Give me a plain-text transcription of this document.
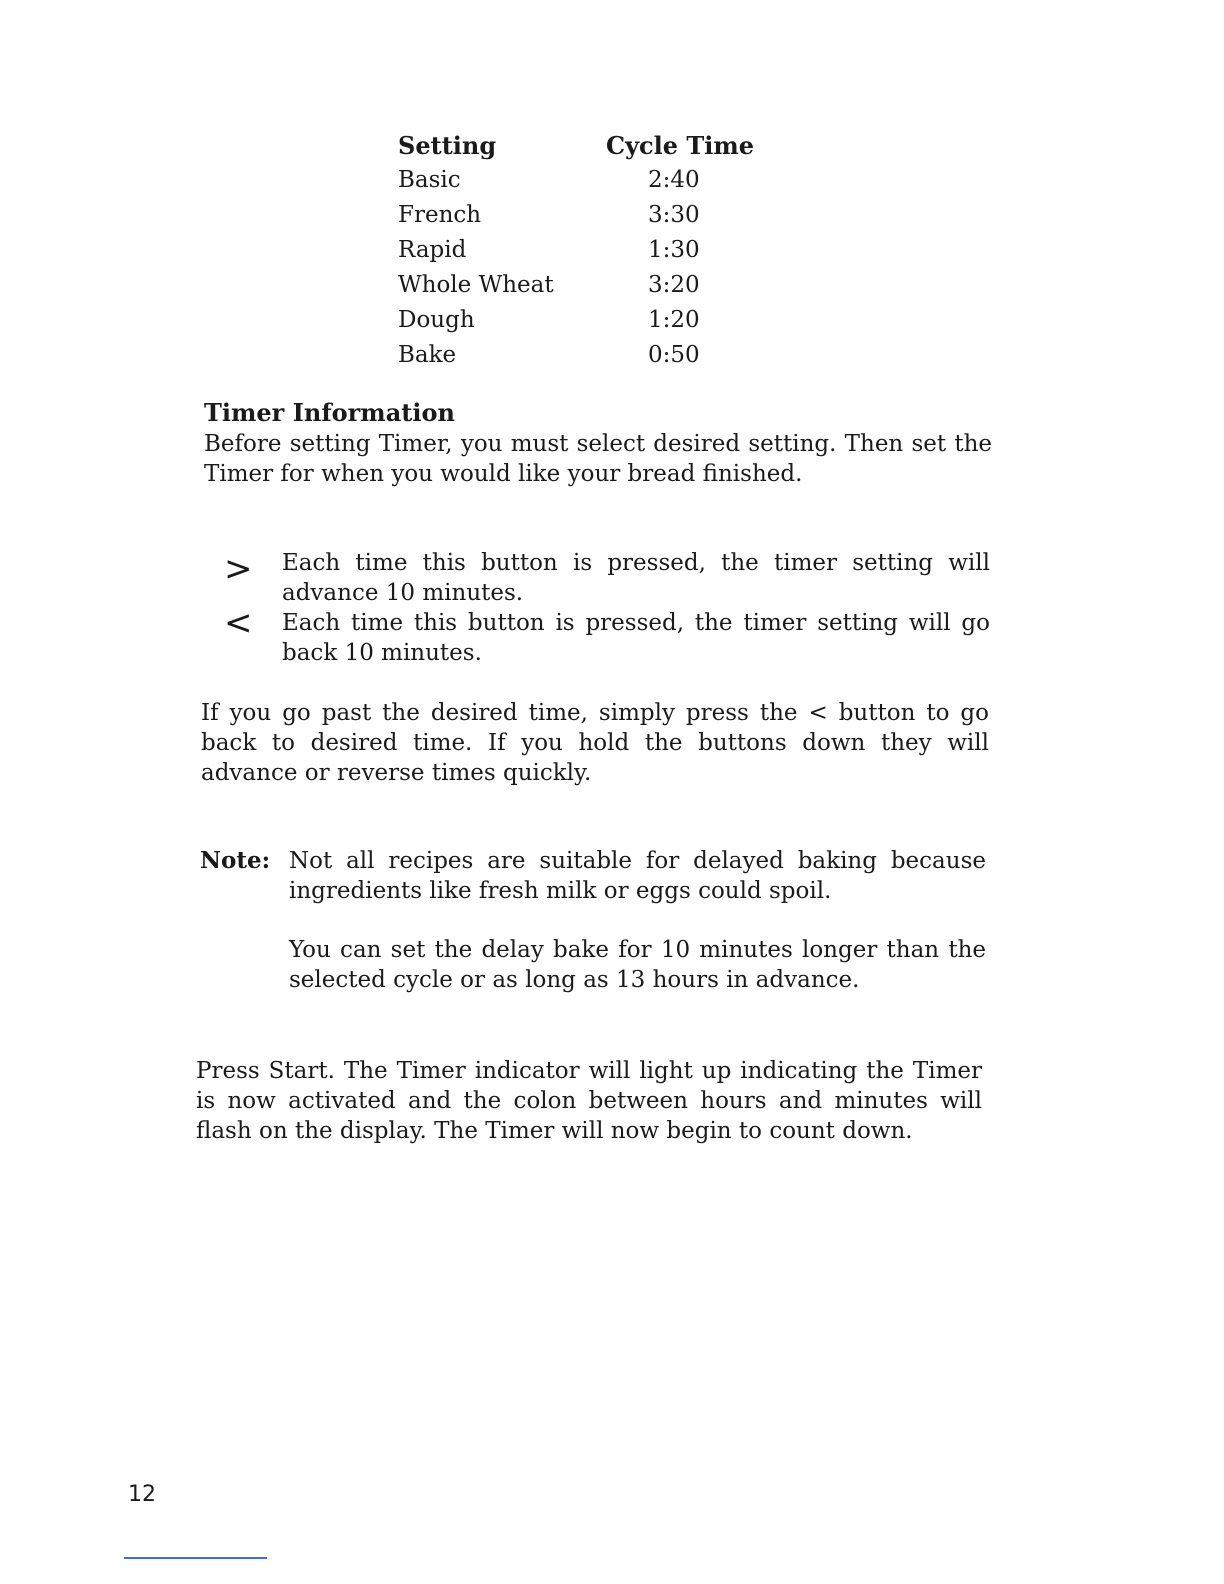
Setting	Cycle Time
Basic	2:40
French	3:30
Rapid	1:30
Whole Wheat	3:20
Dough	1:20
Bake	0:50
Timer Information

Before setting Timer, you must select desired setting. Then set the Timer for when you would like your bread finished.

> Each time this button is pressed, the timer setting will advance 10 minutes.

< Each time this button is pressed, the timer setting will go back 10 minutes.

If you go past the desired time, simply press the < button to go back to desired time. If you hold the buttons down they will advance or reverse times quickly.

Note: Not all recipes are suitable for delayed baking because ingredients like fresh milk or eggs could spoil.

You can set the delay bake for 10 minutes longer than the selected cycle or as long as 13 hours in advance.

Press Start. The Timer indicator will light up indicating the Timer is now activated and the colon between hours and minutes will flash on the display. The Timer will now begin to count down.

12
